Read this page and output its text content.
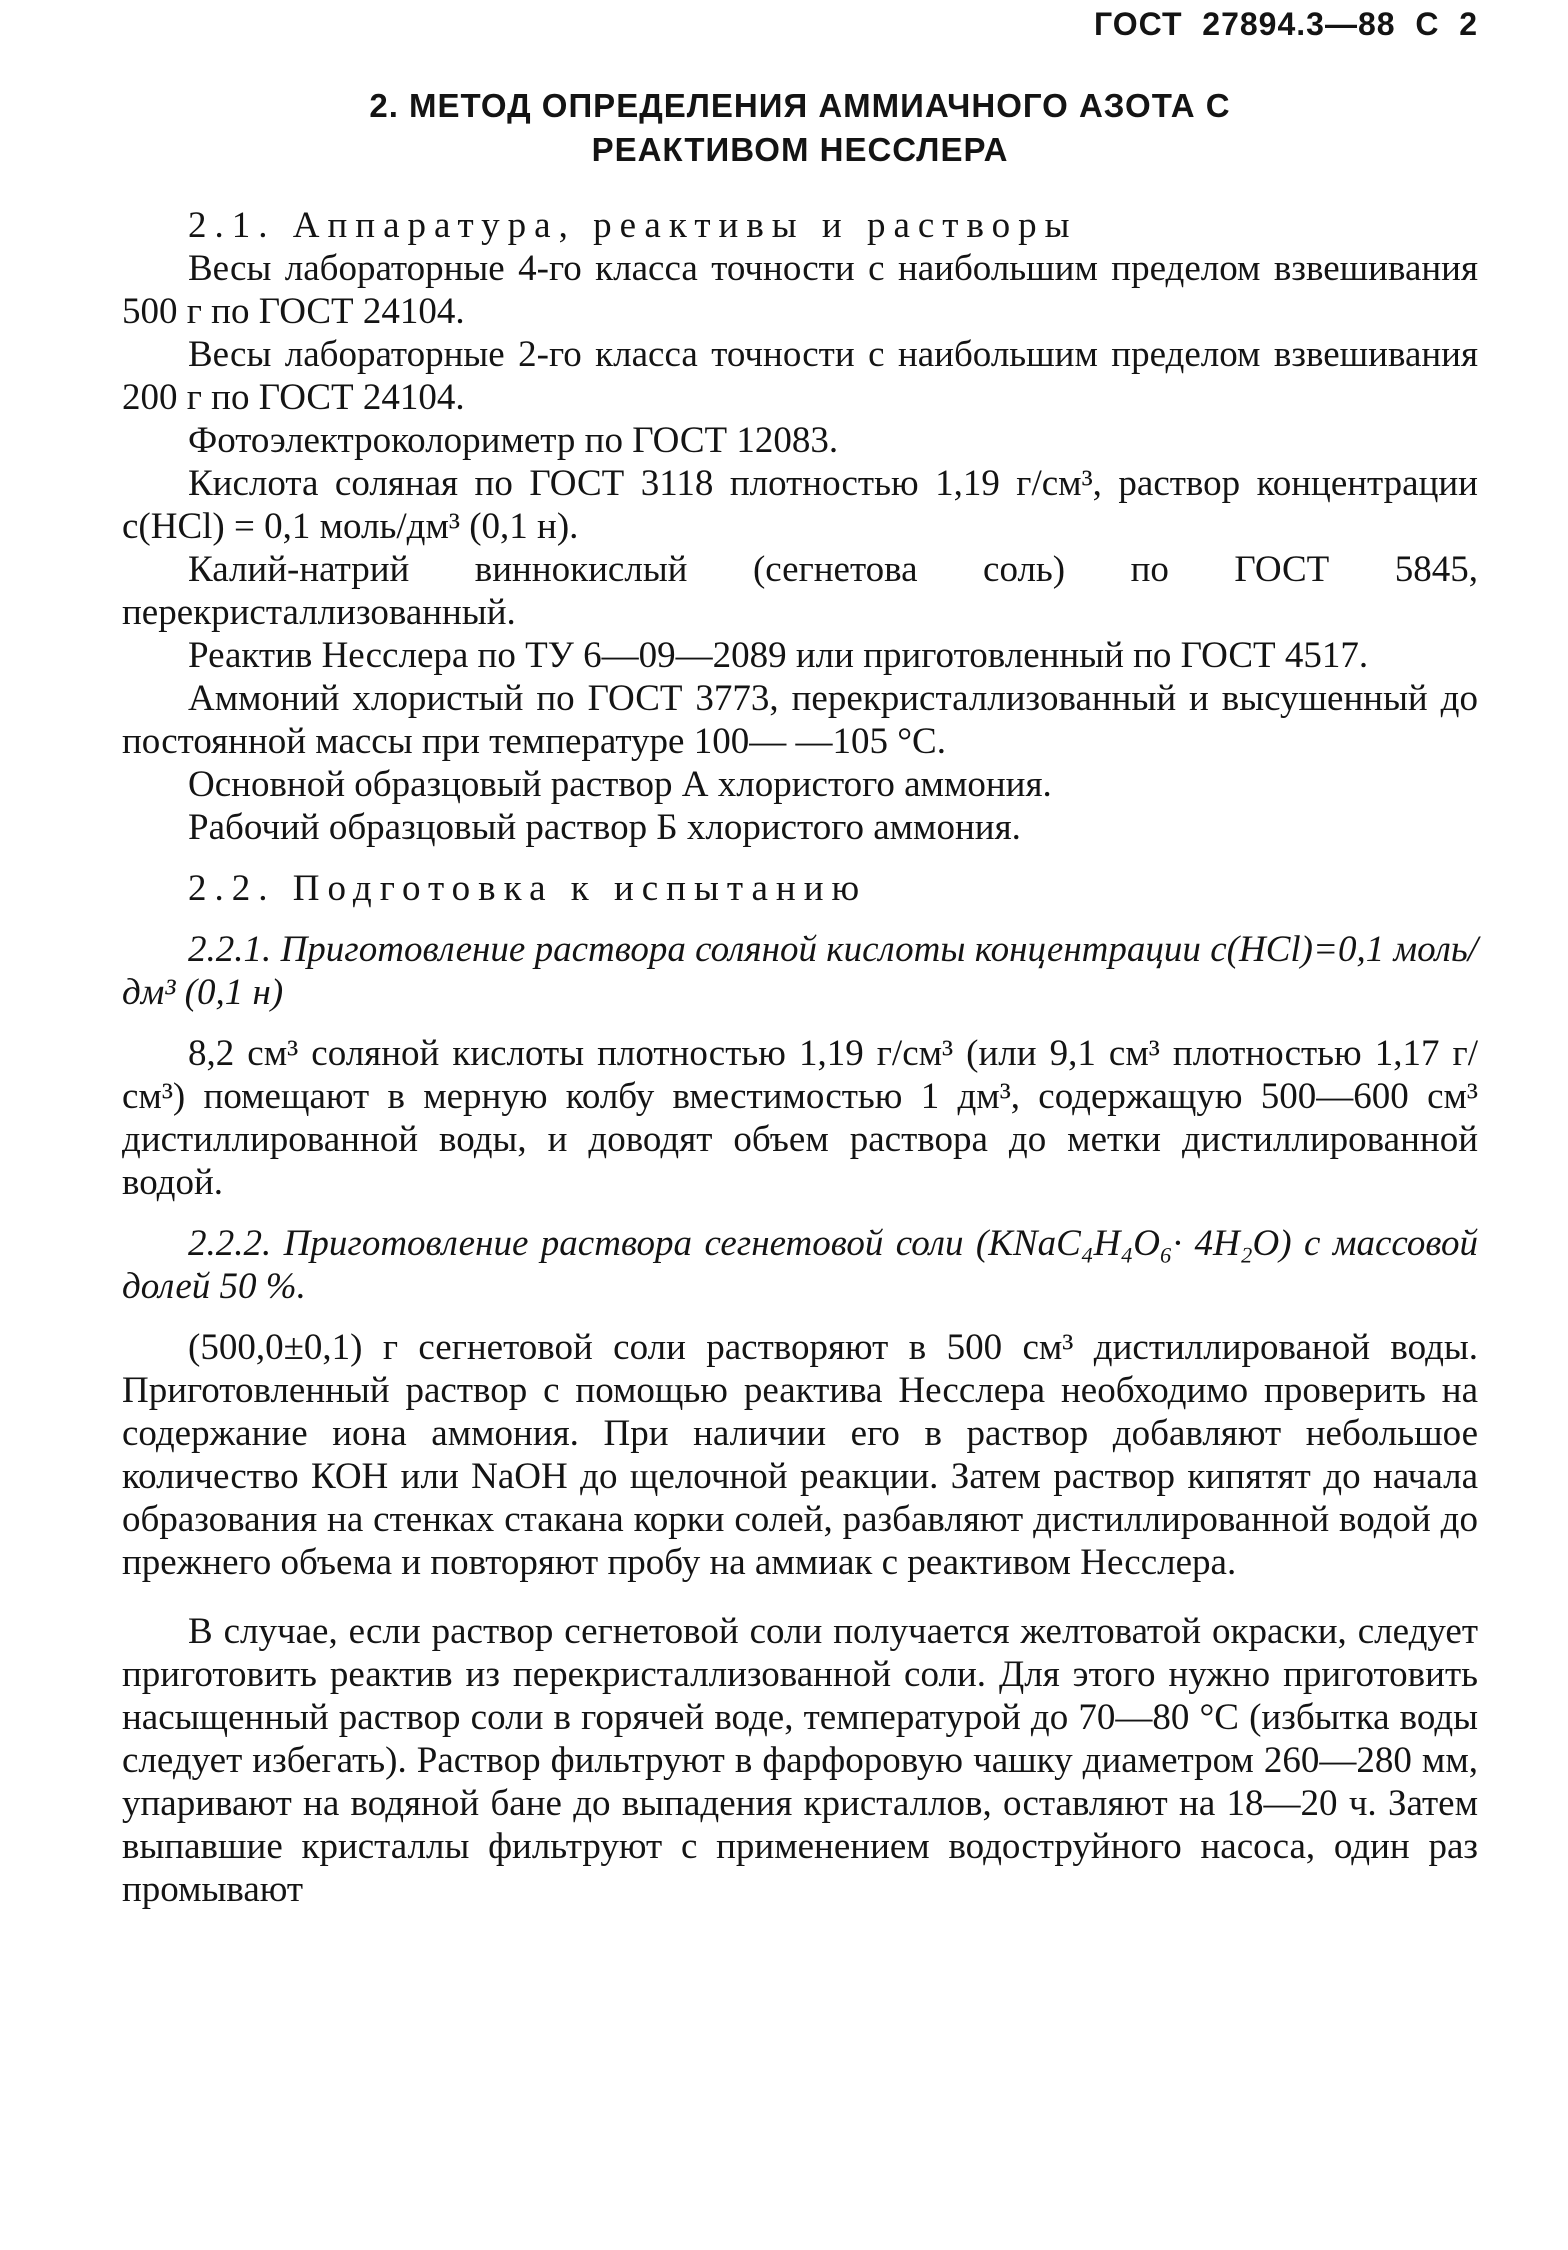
ГОСТ  27894.3—88  С  2
2. МЕТОД ОПРЕДЕЛЕНИЯ АММИАЧНОГО АЗОТА С
РЕАКТИВОМ НЕССЛЕРА

2.1. Аппаратура, реактивы и растворы

Весы лабораторные 4-го класса точности с наибольшим пределом взвешивания 500 г по ГОСТ 24104.

Весы лабораторные 2-го класса точности с наибольшим пределом взвешивания 200 г по ГОСТ 24104.

Фотоэлектроколориметр по ГОСТ 12083.

Кислота соляная по ГОСТ 3118 плотностью 1,19 г/см³, раствор концентрации c(HCl) = 0,1 моль/дм³ (0,1 н).

Калий-натрий виннокислый (сегнетова соль) по ГОСТ 5845, перекристаллизованный.

Реактив Несслера по ТУ 6—09—2089 или приготовленный по ГОСТ 4517.

Аммоний хлористый по ГОСТ 3773, перекристаллизованный и высушенный до постоянной массы при температуре 100— —105 °С.

Основной образцовый раствор А хлористого аммония.

Рабочий образцовый раствор Б хлористого аммония.

2.2. Подготовка к испытанию

2.2.1. Приготовление раствора соляной кислоты концентрации c(HCl)=0,1 моль/дм³ (0,1 н)

8,2 см³ соляной кислоты плотностью 1,19 г/см³ (или 9,1 см³ плотностью 1,17 г/см³) помещают в мерную колбу вместимостью 1 дм³, содержащую 500—600 см³ дистиллированной воды, и доводят объем раствора до метки дистиллированной водой.

2.2.2. Приготовление раствора сегнетовой соли (KNaC₄H₄O₆· 4H₂O) с массовой долей 50 %.

(500,0±0,1) г сегнетовой соли растворяют в 500 см³ дистиллированой воды. Приготовленный раствор с помощью реактива Несслера необходимо проверить на содержание иона аммония. При наличии его в раствор добавляют небольшое количество КОН или NaOH до щелочной реакции. Затем раствор кипятят до начала образования на стенках стакана корки солей, разбавляют дистиллированной водой до прежнего объема и повторяют пробу на аммиак с реактивом Несслера.

В случае, если раствор сегнетовой соли получается желтоватой окраски, следует приготовить реактив из перекристаллизованной соли. Для этого нужно приготовить насыщенный раствор соли в горячей воде, температурой до 70—80 °С (избытка воды следует избегать). Раствор фильтруют в фарфоровую чашку диаметром 260—280 мм, упаривают на водяной бане до выпадения кристаллов, оставляют на 18—20 ч. Затем выпавшие кристаллы фильтруют с применением водоструйного насоса, один раз промывают
